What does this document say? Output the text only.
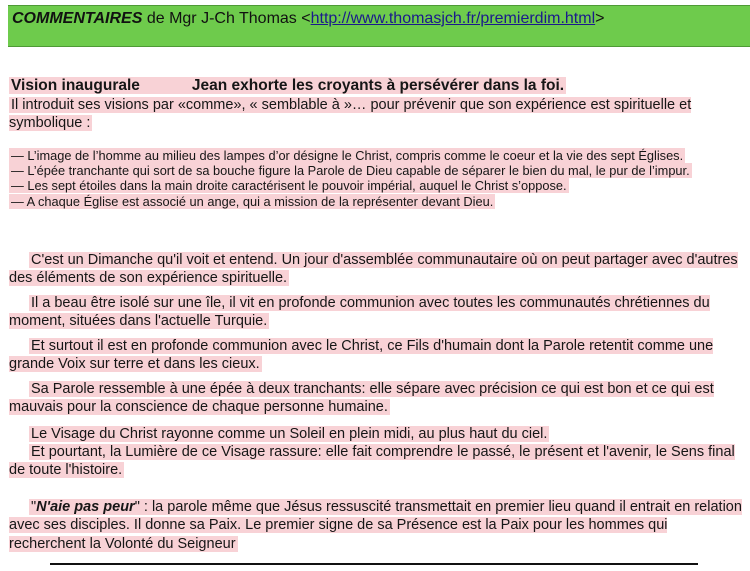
COMMENTAIRES de Mgr J-Ch Thomas <http://www.thomasjch.fr/premierdim.html>

Vision inaugurale	Jean exhorte les croyants à persévérer dans la foi.

Il introduit ses visions par «comme», « semblable à »… pour prévenir que son expérience est spirituelle et symbolique :

— L’image de l’homme au milieu des lampes d’or désigne le Christ, compris comme le coeur et la vie des sept Églises.

— L’épée tranchante qui sort de sa bouche figure la Parole de Dieu capable de séparer le bien du mal, le pur de l’impur.

— Les sept étoiles dans la main droite caractérisent le pouvoir impérial, auquel le Christ s’oppose.

— A chaque Église est associé un ange, qui a mission de la représenter devant Dieu.

C'est un Dimanche qu'il voit et entend. Un jour d'assemblée communautaire où on peut partager avec d'autres des éléments de son expérience spirituelle.

Il a beau être isolé sur une île, il vit en profonde communion avec toutes les communautés chrétiennes du moment, situées dans l'actuelle Turquie.

Et surtout il est en profonde communion avec le Christ, ce Fils d'humain dont la Parole retentit comme une grande Voix sur terre et dans les cieux.

Sa Parole ressemble à une épée à deux tranchants: elle sépare avec précision ce qui est bon et ce qui est mauvais pour la conscience de chaque personne humaine.

Le Visage du Christ rayonne comme un Soleil en plein midi, au plus haut du ciel.

Et pourtant, la Lumière de ce Visage rassure: elle fait comprendre le passé, le présent et l'avenir, le Sens final de toute l'histoire.

"N'aie pas peur" : la parole même que Jésus ressuscité transmettait en premier lieu quand il entrait en relation avec ses disciples. Il donne sa Paix. Le premier signe de sa Présence est la Paix pour les hommes qui recherchent la Volonté du Seigneur
